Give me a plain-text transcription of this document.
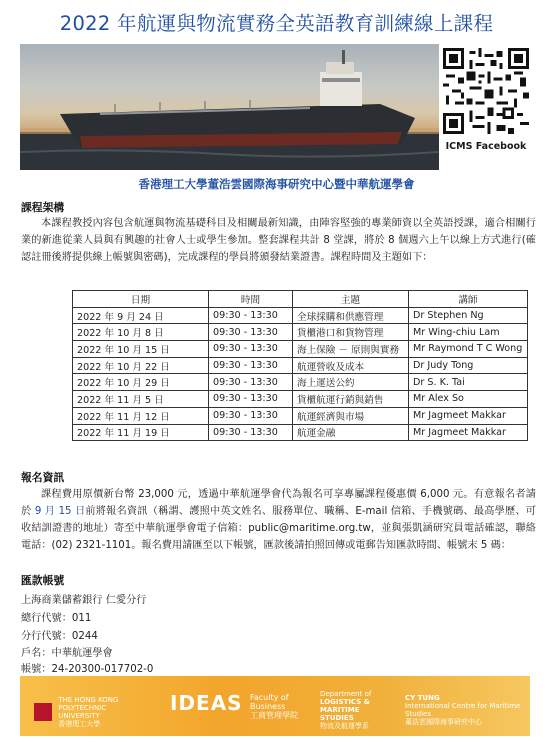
2022 年航運與物流實務全英語教育訓練線上課程
ICMS Facebook
香港理工大學董浩雲國際海事研究中心暨中華航運學會
課程架構
本課程教授內容包含航運與物流基礎科目及相關最新知識，由陣容堅強的專業師資以全英語授課，適合相關行業的新進從業人員與有興趣的社會人士或學生參加。整套課程共計 8 堂課，將於 8 個週六上午以線上方式進行(確認註冊後將提供線上帳號與密碼)，完成課程的學員將頒發結業證書。課程時間及主題如下：
日期	時間	主題	講師
2022 年 9 月 24 日	09:30 - 13:30	全球採購和供應管理	Dr Stephen Ng
2022 年 10 月 8 日	09:30 - 13:30	貨櫃港口和貨物管理	Mr Wing-chiu Lam
2022 年 10 月 15 日	09:30 - 13:30	海上保險 － 原則與實務	Mr Raymond T C Wong
2022 年 10 月 22 日	09:30 - 13:30	航運營收及成本	Dr Judy Tong
2022 年 10 月 29 日	09:30 - 13:30	海上運送公約	Dr S. K. Tai
2022 年 11 月 5 日	09:30 - 13:30	貨櫃航運行銷與銷售	Mr Alex So
2022 年 11 月 12 日	09:30 - 13:30	航運經濟與市場	Mr Jagmeet Makkar
2022 年 11 月 19 日	09:30 - 13:30	航運金融	Mr Jagmeet Makkar
報名資訊
課程費用原價新台幣 23,000 元，透過中華航運學會代為報名可享專屬課程優惠價 6,000 元。有意報名者請於 9 月 15 日前將報名資訊（稱謂、護照中英文姓名、服務單位、職稱、E-mail 信箱、手機號碼、最高學歷、可收結訓證書的地址）寄至中華航運學會電子信箱：public@maritime.org.tw，並與張凱涵研究員電話確認，聯絡電話：(02) 2321-1101。報名費用請匯至以下帳號，匯款後請拍照回傳或電郵告知匯款時間、帳號末 5 碼：
匯款帳號
上海商業儲蓄銀行 仁愛分行
總行代號：011
分行代號：0244
戶名：中華航運學會
帳號：24-20300-017702-0
THE HONG KONG POLYTECHNIC UNIVERSITY
香港理工大學
IDEAS Faculty of
Business
工商管理學院
Department of
LOGISTICS & MARITIME STUDIES
物流及航運學系
CY TUNG
International Centre for Maritime Studies
董浩雲國際海事研究中心
